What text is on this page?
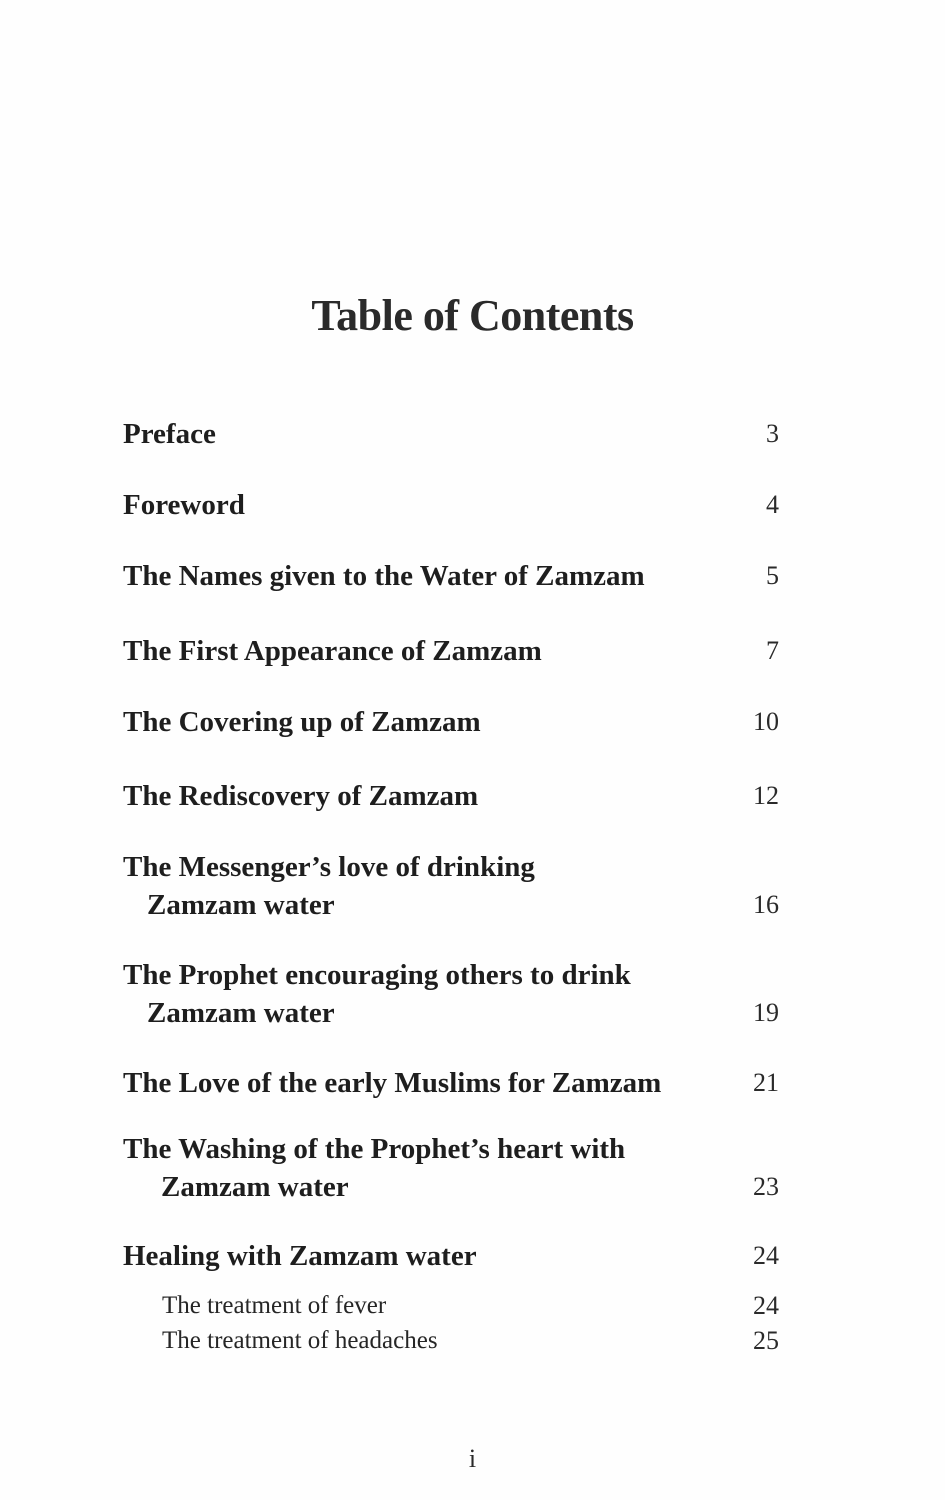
Table of Contents
Preface	3
Foreword	4
The Names given to the Water of Zamzam	5
The First Appearance of Zamzam	7
The Covering up of Zamzam	10
The Rediscovery of Zamzam	12
The Messenger’s love of drinking
Zamzam water	16
The Prophet encouraging others to drink
Zamzam water	19
The Love of the early Muslims for Zamzam	21
The Washing of the Prophet’s heart with
Zamzam water	23
Healing with Zamzam water	24
The treatment of fever	24
The treatment of headaches	25
i
